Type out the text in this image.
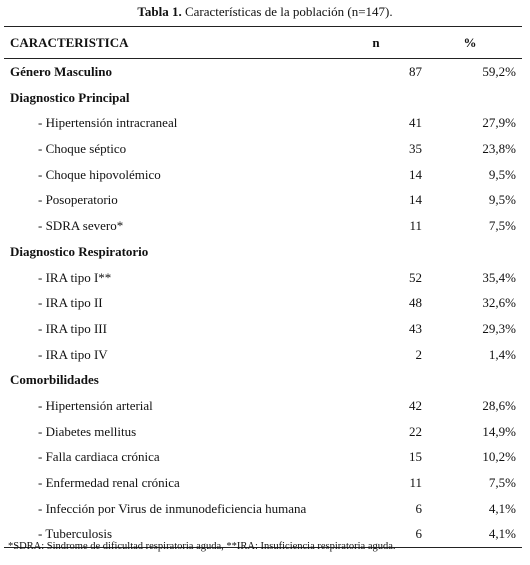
Tabla 1. Características de la población (n=147).
CARACTERISTICA	n	%
Género Masculino	87	59,2%
Diagnostico Principal
- Hipertensión intracraneal	41	27,9%
- Choque séptico	35	23,8%
- Choque hipovolémico	14	9,5%
- Posoperatorio	14	9,5%
- SDRA severo*	11	7,5%
Diagnostico Respiratorio
- IRA tipo I**	52	35,4%
- IRA tipo II	48	32,6%
- IRA tipo III	43	29,3%
- IRA tipo IV	2	1,4%
Comorbilidades
- Hipertensión arterial	42	28,6%
- Diabetes mellitus	22	14,9%
- Falla cardiaca crónica	15	10,2%
- Enfermedad renal crónica	11	7,5%
- Infección por Virus de inmunodeficiencia humana	6	4,1%
- Tuberculosis	6	4,1%
*SDRA: Sindrome de dificultad respiratoria aguda, **IRA: Insuficiencia respiratoria aguda.
